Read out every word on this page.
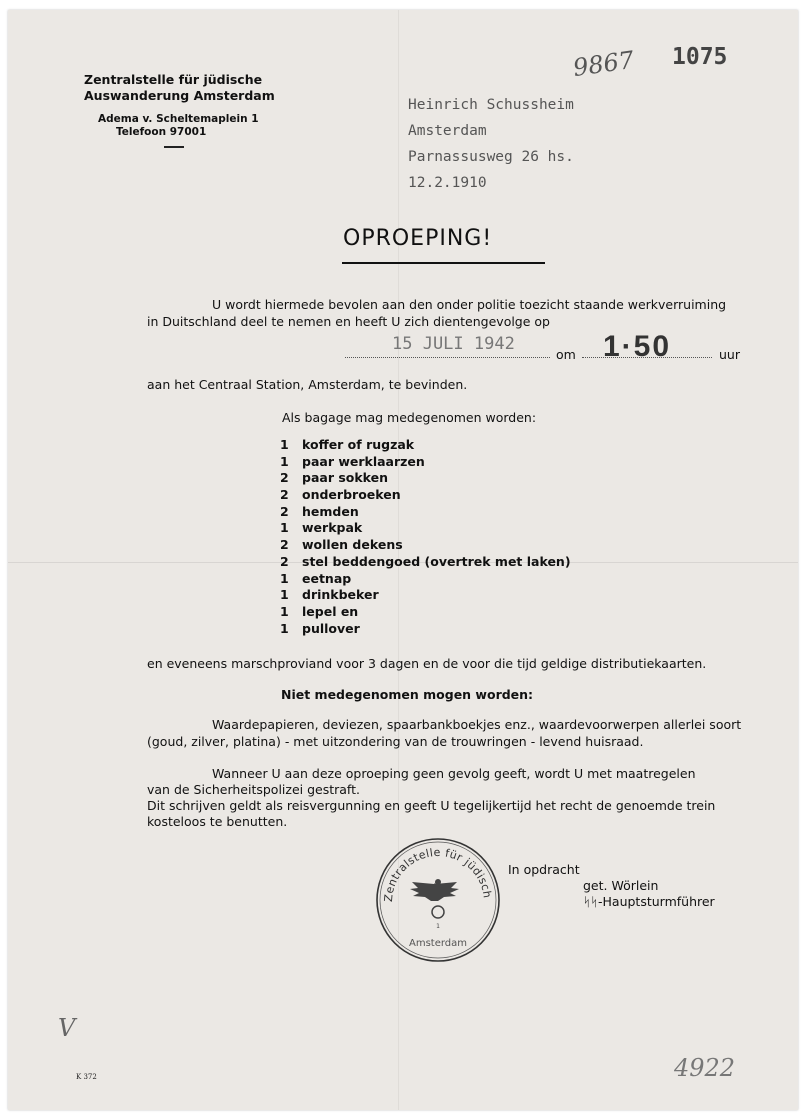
Zentralstelle für jüdische
Auswanderung Amsterdam
Adema v. Scheltemaplein 1
Telefoon 97001
9867 1075
Heinrich Schussheim
Amsterdam
Parnassusweg 26 hs.
12.2.1910
OPROEPING!
U wordt hiermede bevolen aan den onder politie toezicht staande werkverruiming
in Duitschland deel te nemen en heeft U zich dientengevolge op
15 JULI 1942
om 1·50	uur
aan het Centraal Station, Amsterdam, te bevinden.
Als bagage mag medegenomen worden:
1 koffer of rugzak
1 paar werklaarzen
2 paar sokken
2 onderbroeken
2 hemden
1 werkpak
2 wollen dekens
2 stel beddengoed (overtrek met laken)
1 eetnap
1 drinkbeker
1 lepel en
1 pullover
en eveneens marschproviand voor 3 dagen en de voor die tijd geldige distributiekaarten.
Niet medegenomen mogen worden:
Waardepapieren, deviezen, spaarbankboekjes enz., waardevoorwerpen allerlei soort
(goud, zilver, platina) - met uitzondering van de trouwringen - levend huisraad.
Wanneer U aan deze oproeping geen gevolg geeft, wordt U met maatregelen
van de Sicherheitspolizei gestraft.
Dit schrijven geldt als reisvergunning en geeft U tegelijkertijd het recht de genoemde trein
kosteloos te benutten.
Zentralstelle für jüdisch
1
Amsterdam
In opdracht
get. Wörlein
ᛋᛋ-Hauptsturmführer
V
K 372	4922
